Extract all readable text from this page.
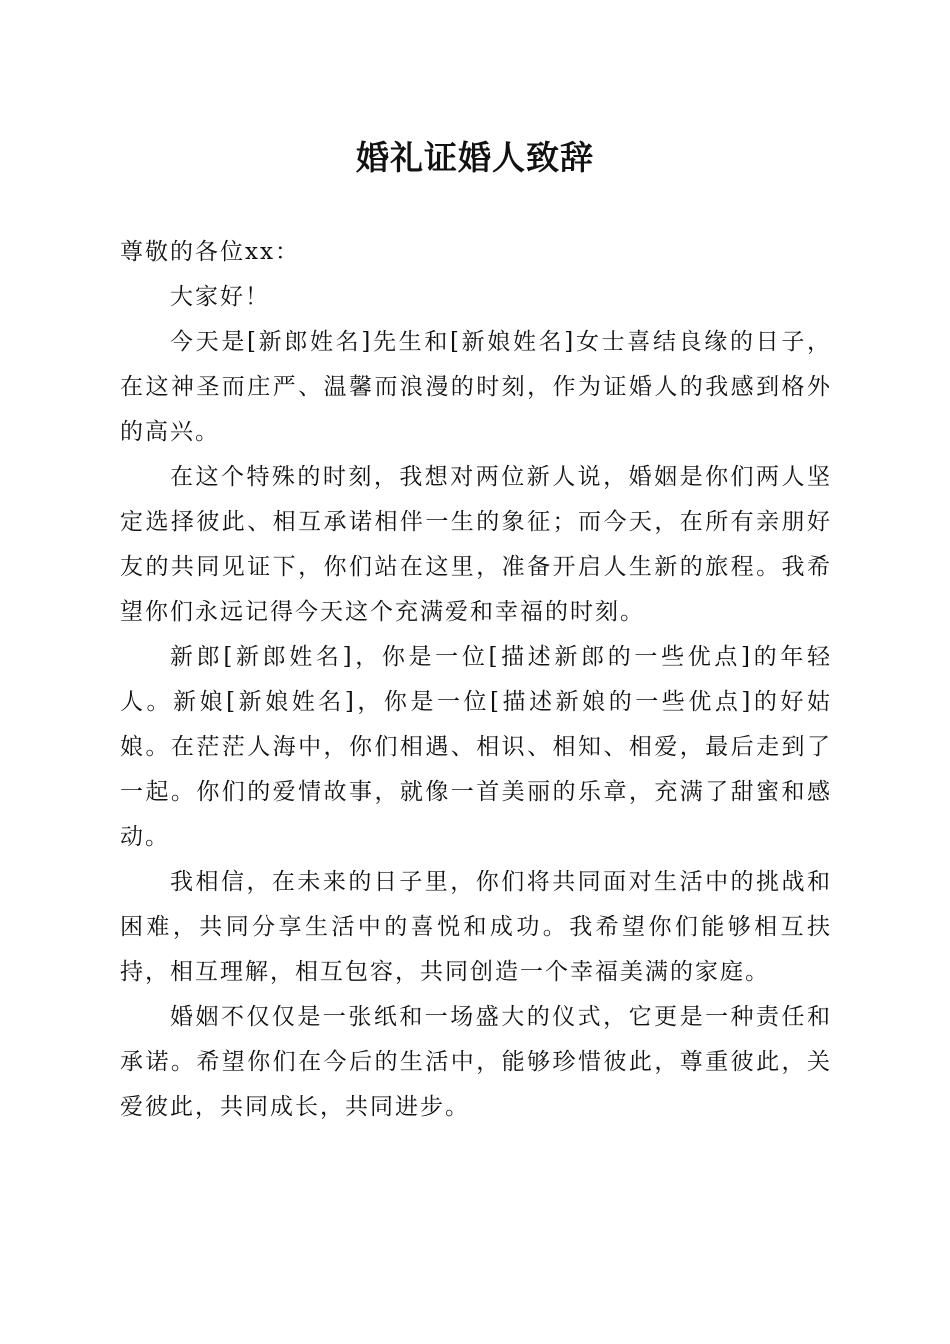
婚礼证婚人致辞

尊敬的各位xx：

大家好！

今天是[新郎姓名]先生和[新娘姓名]女士喜结良缘的日子，在这神圣而庄严、温馨而浪漫的时刻，作为证婚人的我感到格外的高兴。

在这个特殊的时刻，我想对两位新人说，婚姻是你们两人坚定选择彼此、相互承诺相伴一生的象征；而今天，在所有亲朋好友的共同见证下，你们站在这里，准备开启人生新的旅程。我希望你们永远记得今天这个充满爱和幸福的时刻。

新郎[新郎姓名]，你是一位[描述新郎的一些优点]的年轻人。新娘[新娘姓名]，你是一位[描述新娘的一些优点]的好姑娘。在茫茫人海中，你们相遇、相识、相知、相爱，最后走到了一起。你们的爱情故事，就像一首美丽的乐章，充满了甜蜜和感动。

我相信，在未来的日子里，你们将共同面对生活中的挑战和困难，共同分享生活中的喜悦和成功。我希望你们能够相互扶持，相互理解，相互包容，共同创造一个幸福美满的家庭。

婚姻不仅仅是一张纸和一场盛大的仪式，它更是一种责任和承诺。希望你们在今后的生活中，能够珍惜彼此，尊重彼此，关爱彼此，共同成长，共同进步。
